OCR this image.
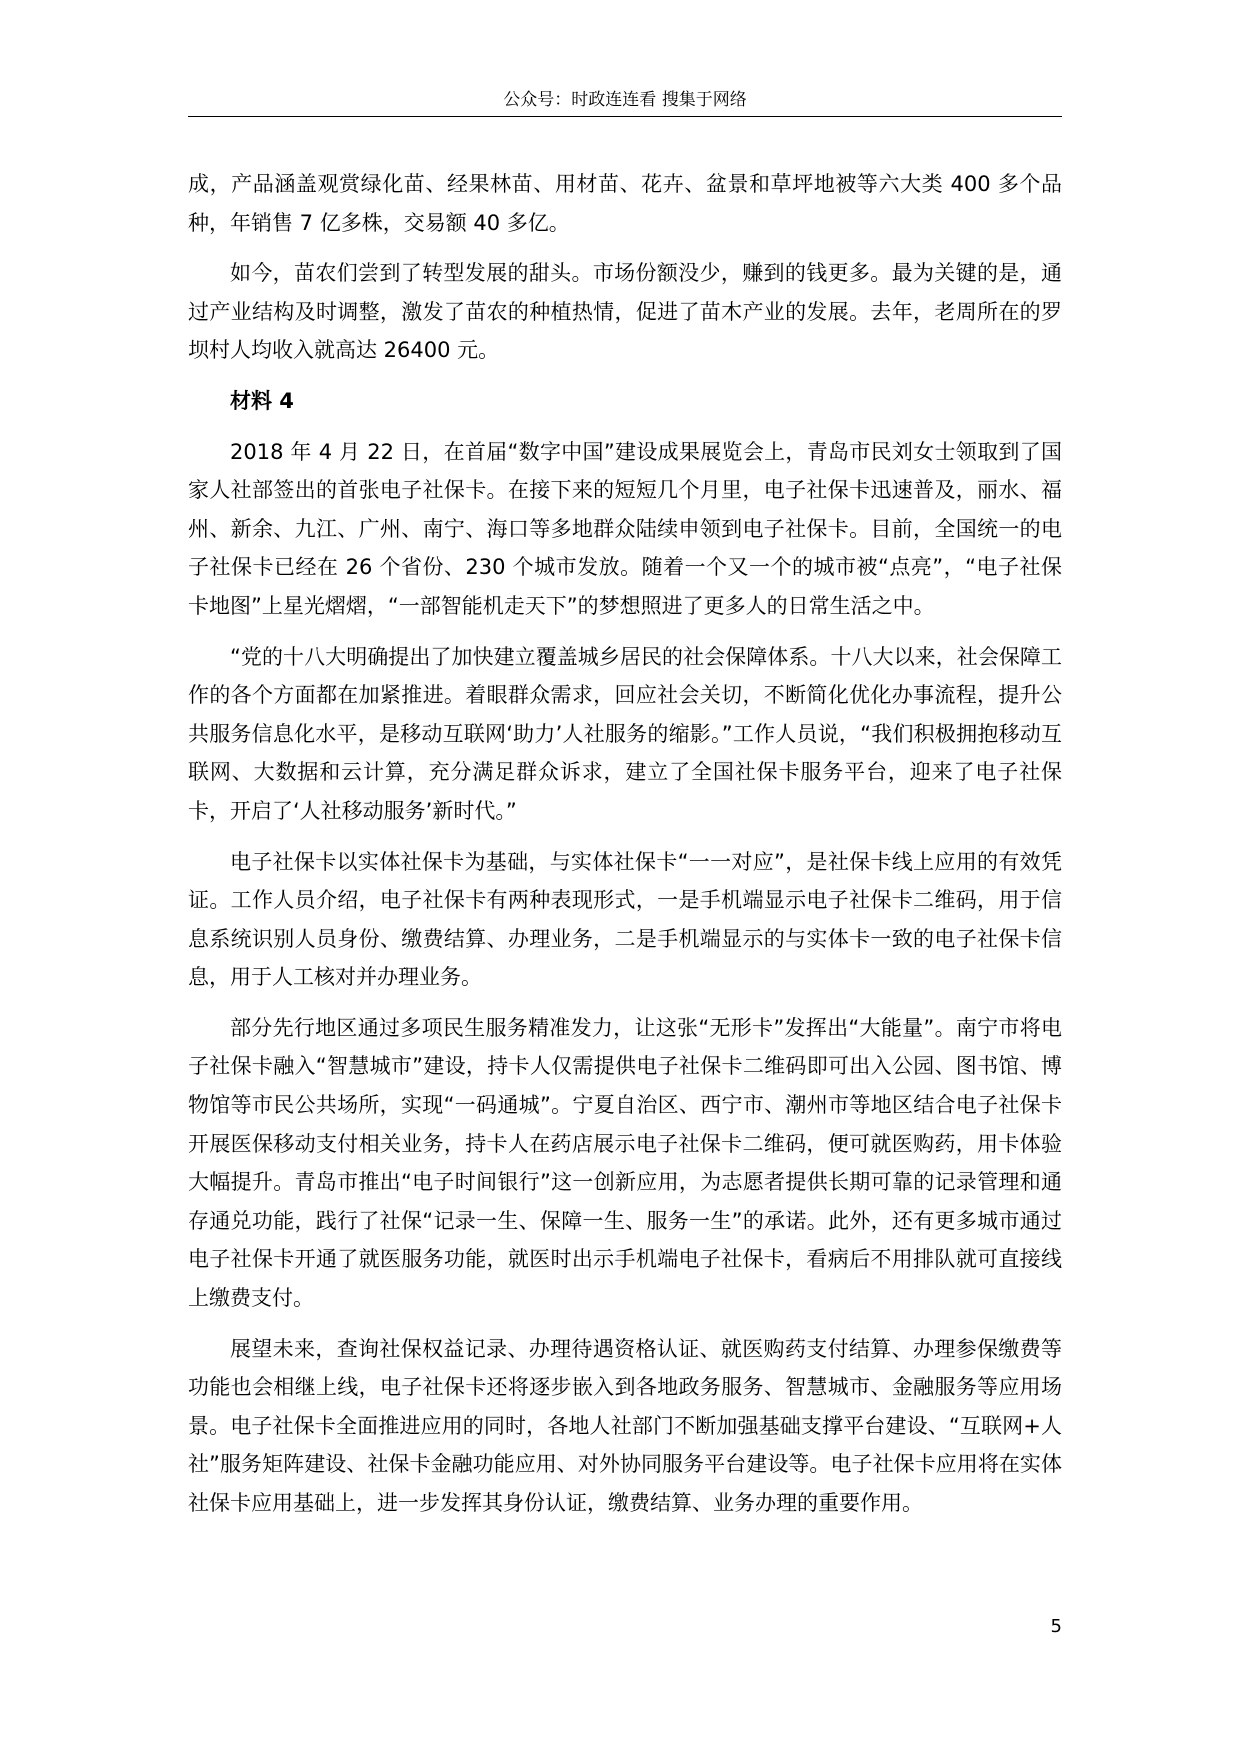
公众号：时政连连看 搜集于网络

成，产品涵盖观赏绿化苗、经果林苗、用材苗、花卉、盆景和草坪地被等六大类 400 多个品种，年销售 7 亿多株，交易额 40 多亿。

如今，苗农们尝到了转型发展的甜头。市场份额没少，赚到的钱更多。最为关键的是，通过产业结构及时调整，激发了苗农的种植热情，促进了苗木产业的发展。去年，老周所在的罗坝村人均收入就高达 26400 元。

材料 4

2018 年 4 月 22 日，在首届“数字中国”建设成果展览会上，青岛市民刘女士领取到了国家人社部签出的首张电子社保卡。在接下来的短短几个月里，电子社保卡迅速普及，丽水、福州、新余、九江、广州、南宁、海口等多地群众陆续申领到电子社保卡。目前，全国统一的电子社保卡已经在 26 个省份、230 个城市发放。随着一个又一个的城市被“点亮”，“电子社保卡地图”上星光熠熠，“一部智能机走天下”的梦想照进了更多人的日常生活之中。

“党的十八大明确提出了加快建立覆盖城乡居民的社会保障体系。十八大以来，社会保障工作的各个方面都在加紧推进。着眼群众需求，回应社会关切，不断简化优化办事流程，提升公共服务信息化水平，是移动互联网‘助力’人社服务的缩影。”工作人员说，“我们积极拥抱移动互联网、大数据和云计算，充分满足群众诉求，建立了全国社保卡服务平台，迎来了电子社保卡，开启了‘人社移动服务’新时代。”

电子社保卡以实体社保卡为基础，与实体社保卡“一一对应”，是社保卡线上应用的有效凭证。工作人员介绍，电子社保卡有两种表现形式，一是手机端显示电子社保卡二维码，用于信息系统识别人员身份、缴费结算、办理业务，二是手机端显示的与实体卡一致的电子社保卡信息，用于人工核对并办理业务。

部分先行地区通过多项民生服务精准发力，让这张“无形卡”发挥出“大能量”。南宁市将电子社保卡融入“智慧城市”建设，持卡人仅需提供电子社保卡二维码即可出入公园、图书馆、博物馆等市民公共场所，实现“一码通城”。宁夏自治区、西宁市、潮州市等地区结合电子社保卡开展医保移动支付相关业务，持卡人在药店展示电子社保卡二维码，便可就医购药，用卡体验大幅提升。青岛市推出“电子时间银行”这一创新应用，为志愿者提供长期可靠的记录管理和通存通兑功能，践行了社保“记录一生、保障一生、服务一生”的承诺。此外，还有更多城市通过电子社保卡开通了就医服务功能，就医时出示手机端电子社保卡，看病后不用排队就可直接线上缴费支付。

展望未来，查询社保权益记录、办理待遇资格认证、就医购药支付结算、办理参保缴费等功能也会相继上线，电子社保卡还将逐步嵌入到各地政务服务、智慧城市、金融服务等应用场景。电子社保卡全面推进应用的同时，各地人社部门不断加强基础支撑平台建设、“互联网+人社”服务矩阵建设、社保卡金融功能应用、对外协同服务平台建设等。电子社保卡应用将在实体社保卡应用基础上，进一步发挥其身份认证，缴费结算、业务办理的重要作用。

5
